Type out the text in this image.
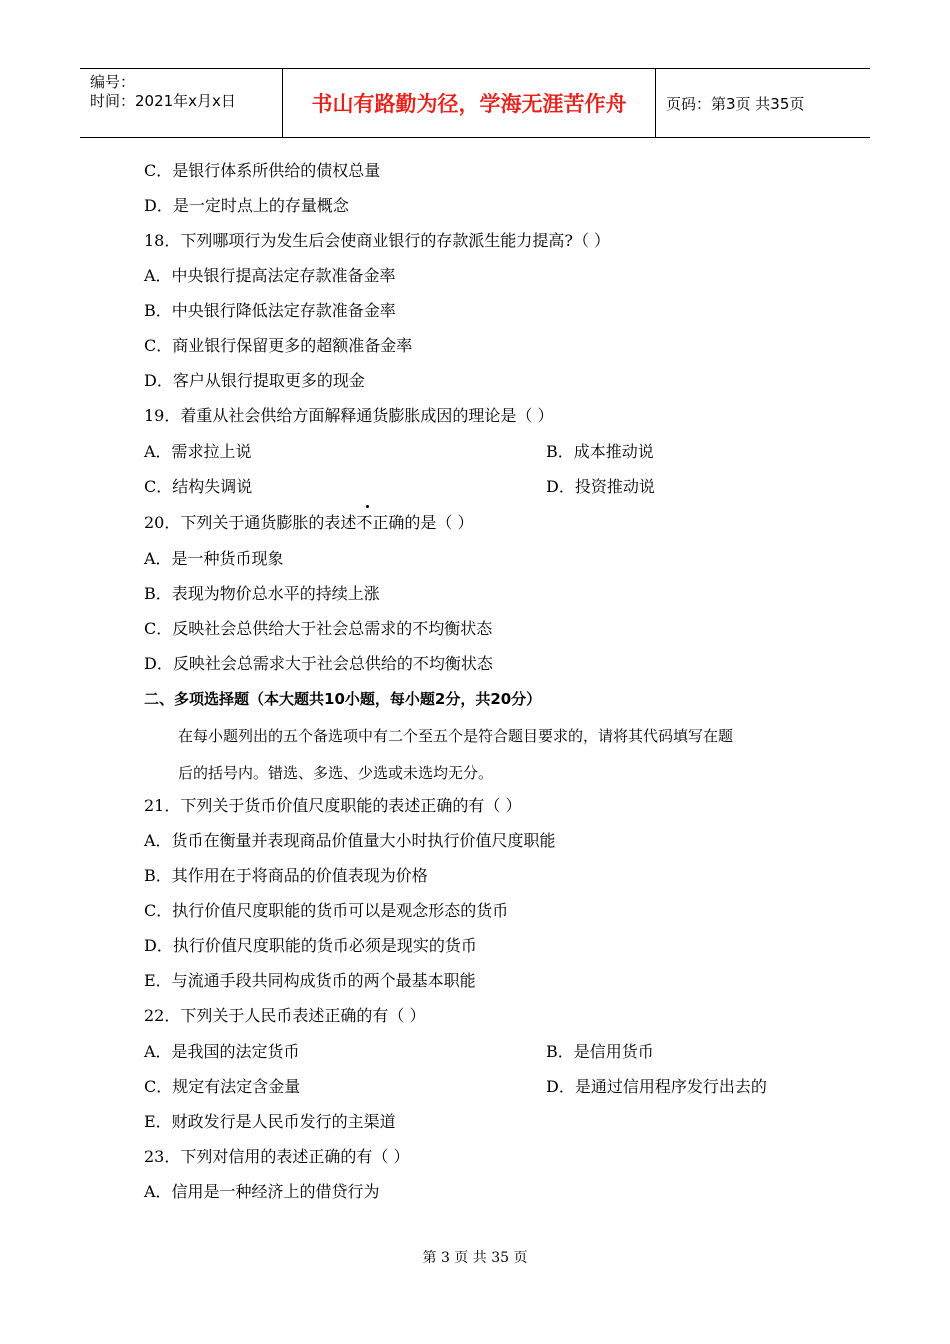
编号：
时间：2021年x月x日	书山有路勤为径，学海无涯苦作舟	页码：第3页 共35页
C．是银行体系所供给的债权总量
D．是一定时点上的存量概念
18．下列哪项行为发生后会使商业银行的存款派生能力提高?（ ）
A．中央银行提高法定存款准备金率
B．中央银行降低法定存款准备金率
C．商业银行保留更多的超额准备金率
D．客户从银行提取更多的现金
19．着重从社会供给方面解释通货膨胀成因的理论是（ ）
A．需求拉上说	B．成本推动说
C．结构失调说	D．投资推动说
20．下列关于通货膨胀的表述不正确的是（ ）
A．是一种货币现象
B．表现为物价总水平的持续上涨
C．反映社会总供给大于社会总需求的不均衡状态
D．反映社会总需求大于社会总供给的不均衡状态
二、多项选择题（本大题共10小题，每小题2分，共20分）
在每小题列出的五个备选项中有二个至五个是符合题目要求的，请将其代码填写在题
后的括号内。错选、多选、少选或未选均无分。
21．下列关于货币价值尺度职能的表述正确的有（ ）
A．货币在衡量并表现商品价值量大小时执行价值尺度职能
B．其作用在于将商品的价值表现为价格
C．执行价值尺度职能的货币可以是观念形态的货币
D．执行价值尺度职能的货币必须是现实的货币
E．与流通手段共同构成货币的两个最基本职能
22．下列关于人民币表述正确的有（ ）
A．是我国的法定货币	B．是信用货币
C．规定有法定含金量	D．是通过信用程序发行出去的
E．财政发行是人民币发行的主渠道
23．下列对信用的表述正确的有（ ）
A．信用是一种经济上的借贷行为
第 3 页 共 35 页
